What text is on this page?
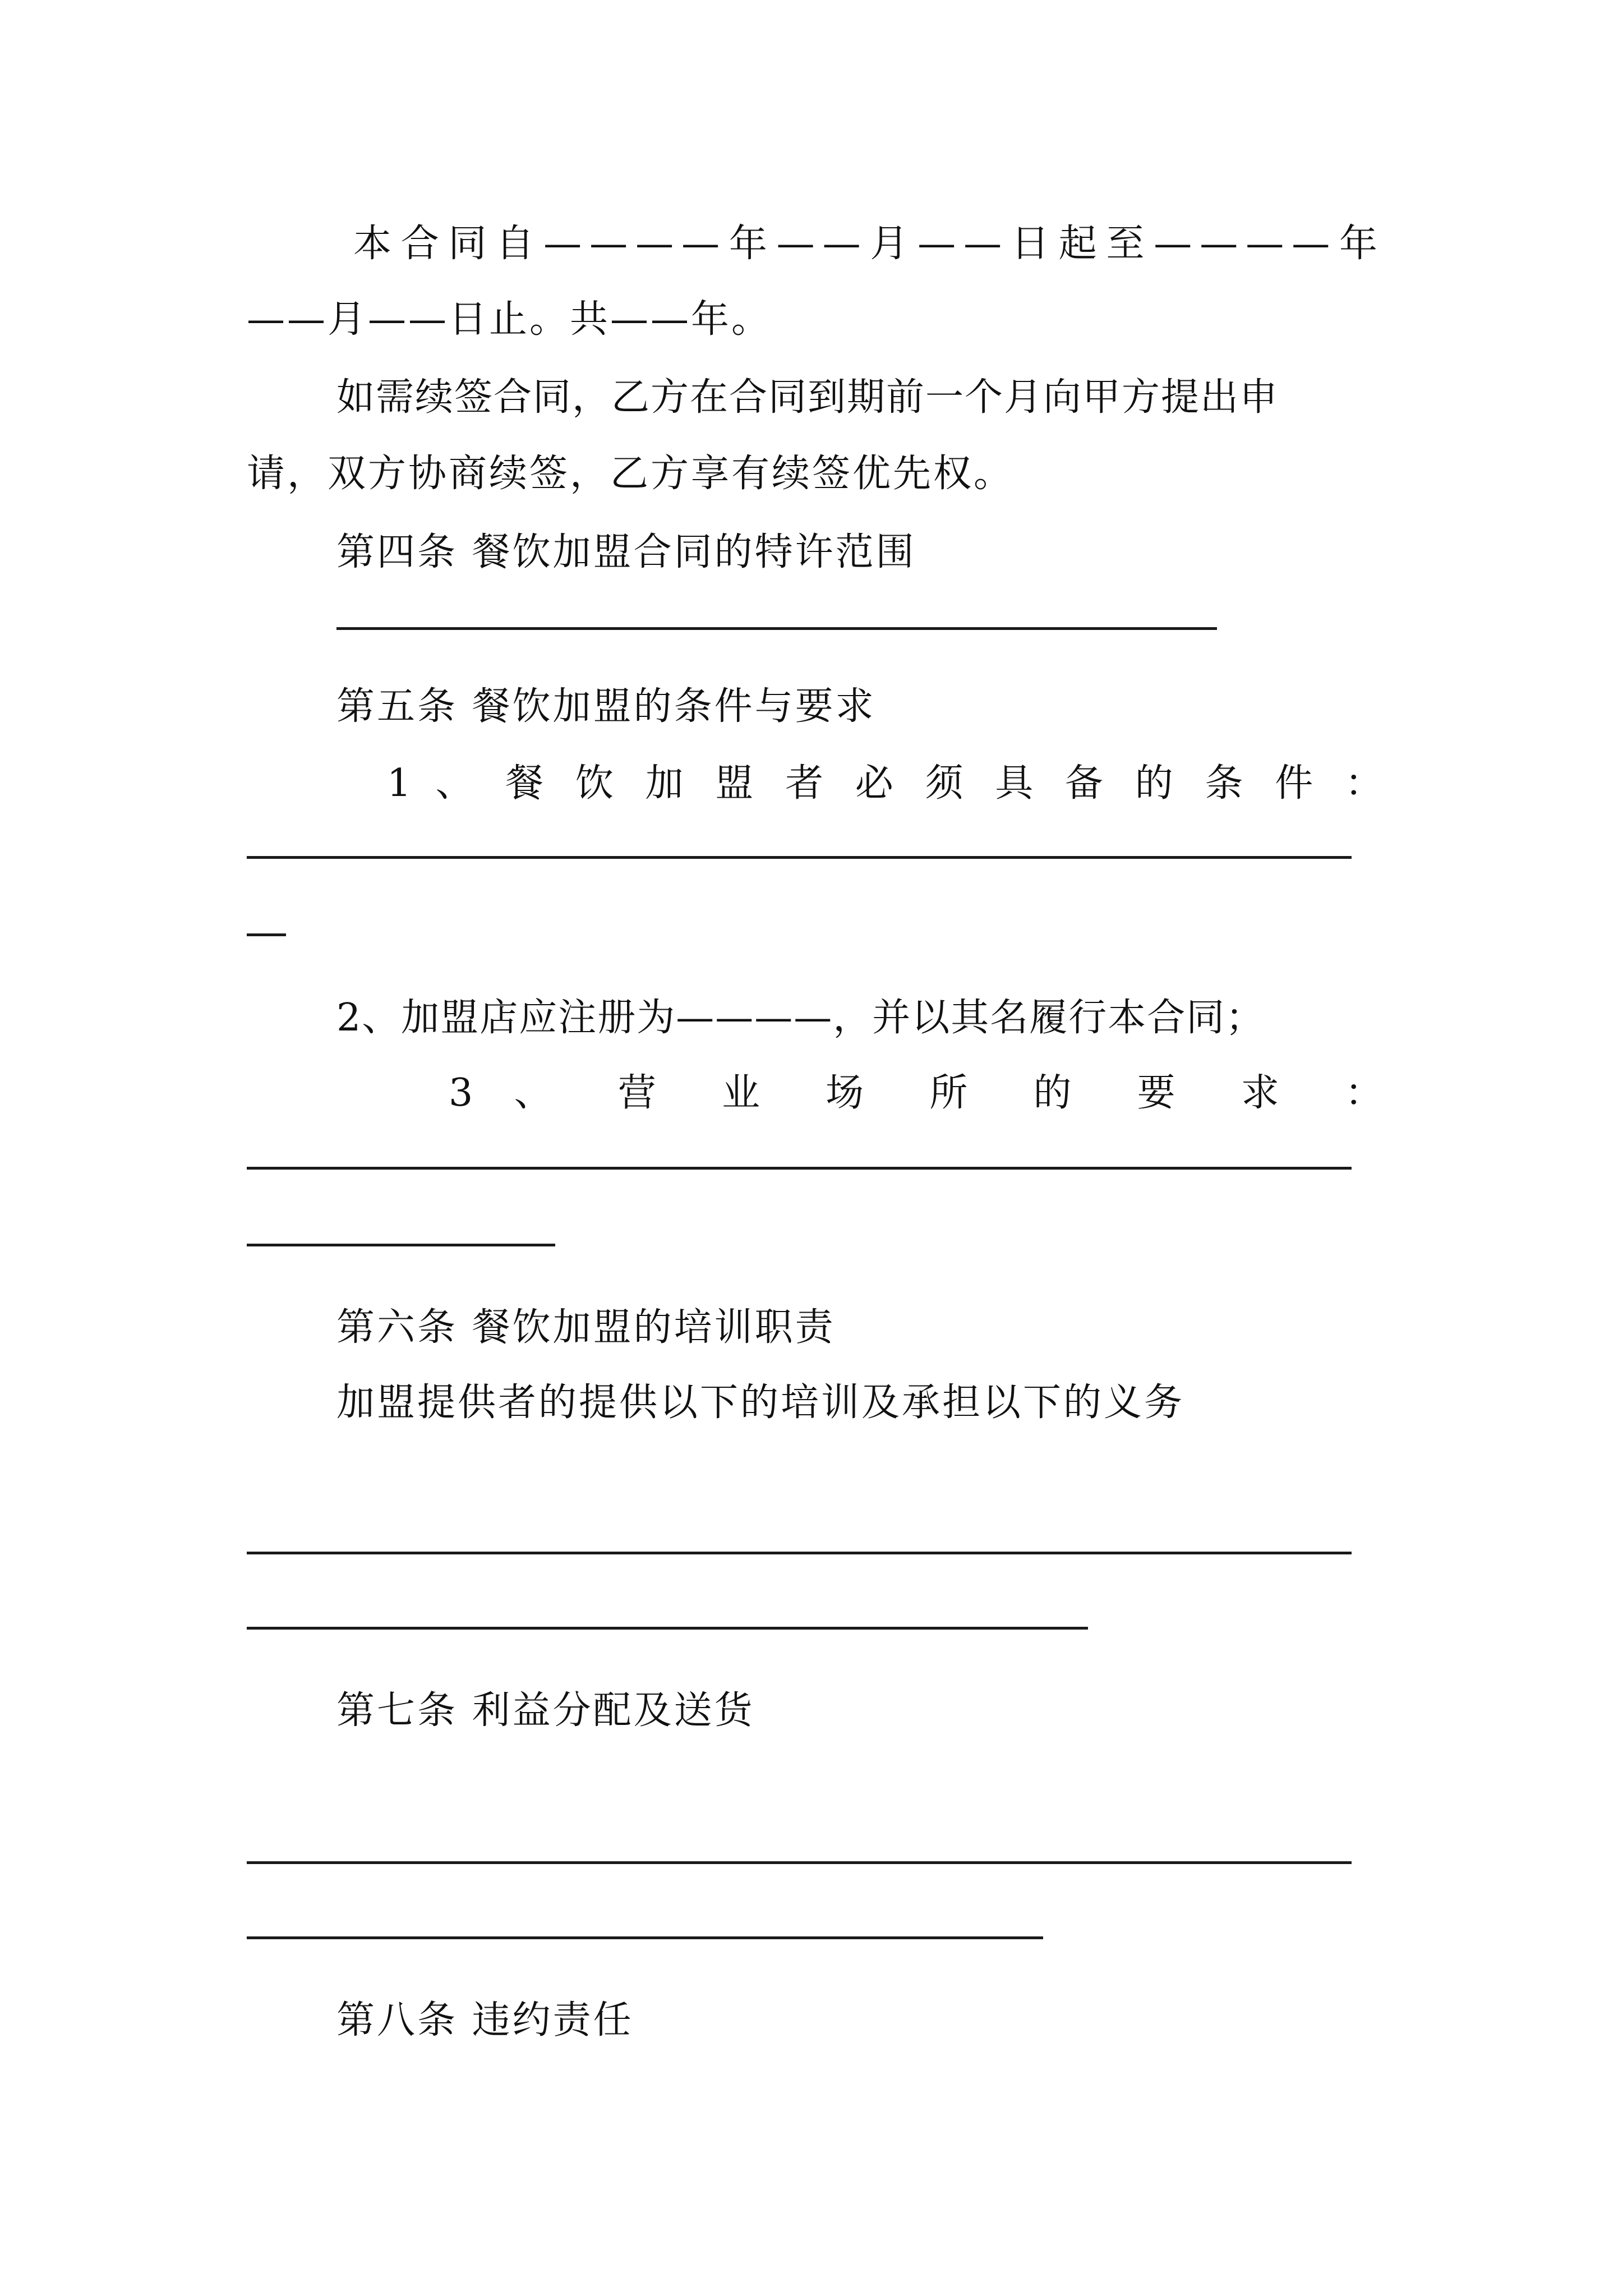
本合同自————年——月——日起至————年
——月——日止。共——年。
如需续签合同，乙方在合同到期前一个月向甲方提出申
请，双方协商续签，乙方享有续签优先权。
第四条 餐饮加盟合同的特许范围
第五条 餐饮加盟的条件与要求
1 、 餐 饮 加 盟 者 必 须 具 备 的 条 件 ：
2、加盟店应注册为————，并以其名履行本合同；
3 、 营 业 场 所 的 要 求 ：
第六条 餐饮加盟的培训职责
加盟提供者的提供以下的培训及承担以下的义务
第七条 利益分配及送货
第八条 违约责任
